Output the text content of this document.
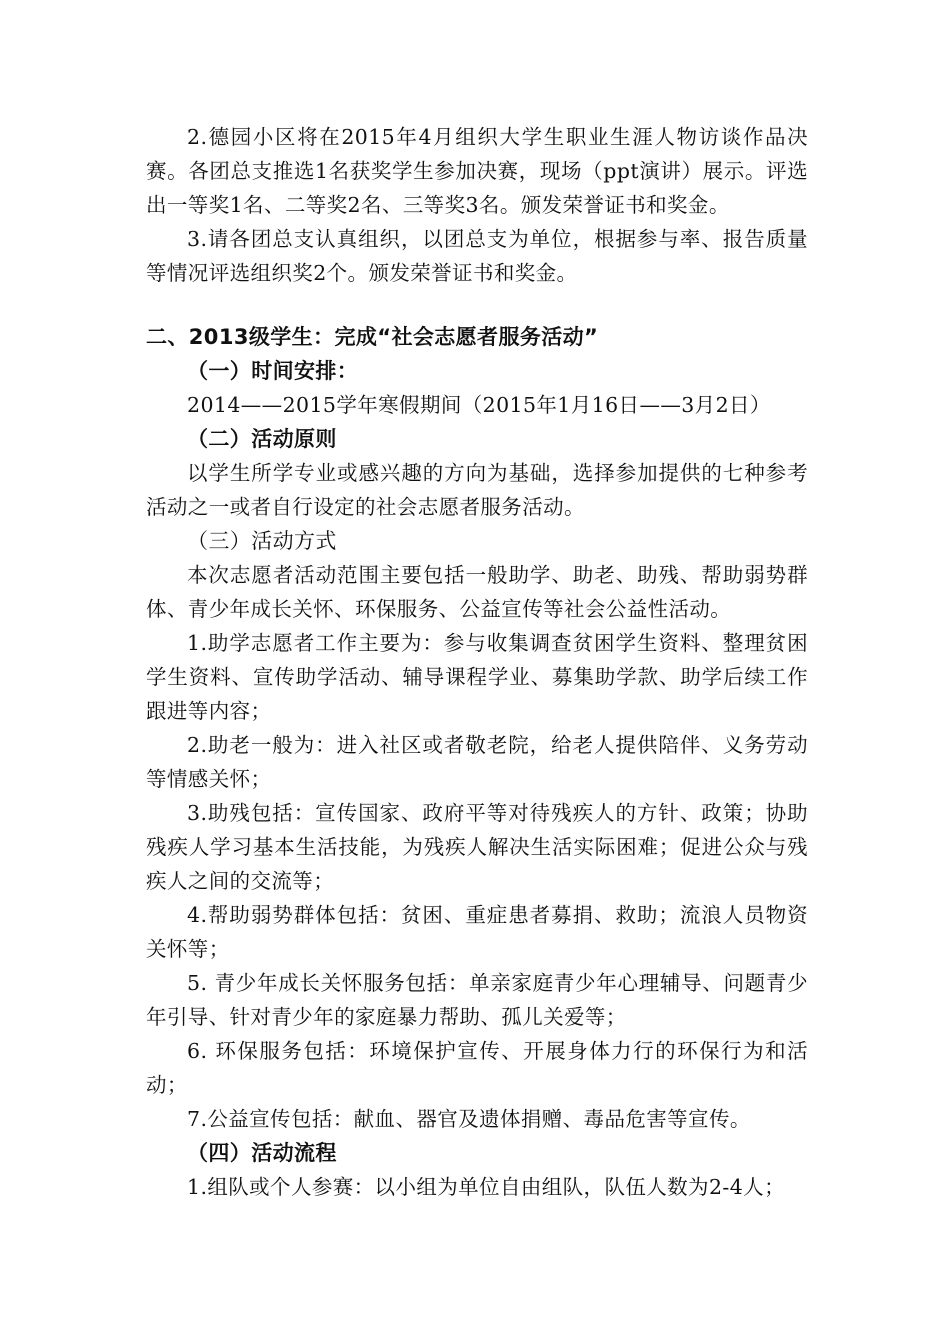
2.德园小区将在2015年4月组织大学生职业生涯人物访谈作品决赛。各团总支推选1名获奖学生参加决赛，现场（ppt演讲）展示。评选出一等奖1名、二等奖2名、三等奖3名。颁发荣誉证书和奖金。

3.请各团总支认真组织，以团总支为单位，根据参与率、报告质量等情况评选组织奖2个。颁发荣誉证书和奖金。

二、2013级学生：完成“社会志愿者服务活动”

（一）时间安排：

2014——2015学年寒假期间（2015年1月16日——3月2日）

（二）活动原则

以学生所学专业或感兴趣的方向为基础，选择参加提供的七种参考活动之一或者自行设定的社会志愿者服务活动。

（三）活动方式

本次志愿者活动范围主要包括一般助学、助老、助残、帮助弱势群体、青少年成长关怀、环保服务、公益宣传等社会公益性活动。

1.助学志愿者工作主要为：参与收集调查贫困学生资料、整理贫困学生资料、宣传助学活动、辅导课程学业、募集助学款、助学后续工作跟进等内容；

2.助老一般为：进入社区或者敬老院，给老人提供陪伴、义务劳动等情感关怀；

3.助残包括：宣传国家、政府平等对待残疾人的方针、政策；协助残疾人学习基本生活技能，为残疾人解决生活实际困难；促进公众与残疾人之间的交流等；

4.帮助弱势群体包括：贫困、重症患者募捐、救助；流浪人员物资关怀等；

5. 青少年成长关怀服务包括：单亲家庭青少年心理辅导、问题青少年引导、针对青少年的家庭暴力帮助、孤儿关爱等；

6. 环保服务包括：环境保护宣传、开展身体力行的环保行为和活动；

7.公益宣传包括：献血、器官及遗体捐赠、毒品危害等宣传。

（四）活动流程

1.组队或个人参赛：以小组为单位自由组队，队伍人数为2-4人；
